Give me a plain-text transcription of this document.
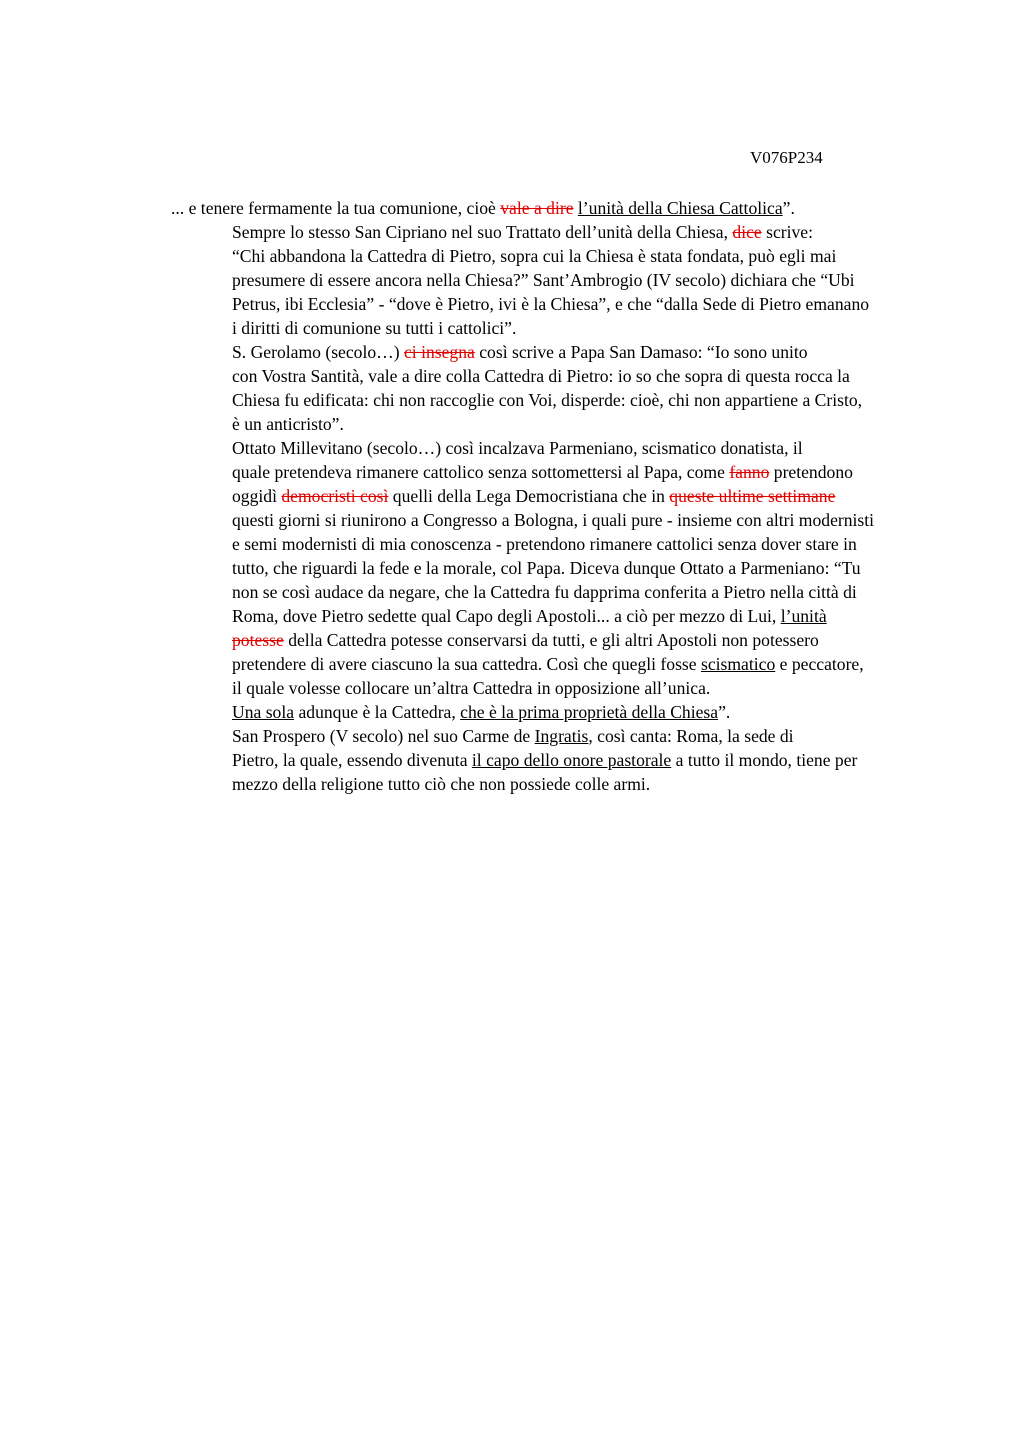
V076P234

... e tenere fermamente la tua comunione, cioè vale a dire l’unità della Chiesa Cattolica”.

Sempre lo stesso San Cipriano nel suo Trattato dell’unità della Chiesa, dice scrive:
“Chi abbandona la Cattedra di Pietro, sopra cui la Chiesa è stata fondata, può egli mai
presumere di essere ancora nella Chiesa?” Sant’Ambrogio (IV secolo) dichiara che “Ubi
Petrus, ibi Ecclesia” - “dove è Pietro, ivi è la Chiesa”, e che “dalla Sede di Pietro emanano
i diritti di comunione su tutti i cattolici”.

S. Gerolamo (secolo…) ci insegna così scrive a Papa San Damaso: “Io sono unito
con Vostra Santità, vale a dire colla Cattedra di Pietro: io so che sopra di questa rocca la
Chiesa fu edificata: chi non raccoglie con Voi, disperde: cioè, chi non appartiene a Cristo,
è un anticristo”.

Ottato Millevitano (secolo…) così incalzava Parmeniano, scismatico donatista, il
quale pretendeva rimanere cattolico senza sottomettersi al Papa, come fanno pretendono
oggidì democristi così quelli della Lega Democristiana che in queste ultime settimane
questi giorni si riunirono a Congresso a Bologna, i quali pure - insieme con altri modernisti
e semi modernisti di mia conoscenza - pretendono rimanere cattolici senza dover stare in
tutto, che riguardi la fede e la morale, col Papa. Diceva dunque Ottato a Parmeniano: “Tu
non se così audace da negare, che la Cattedra fu dapprima conferita a Pietro nella città di
Roma, dove Pietro sedette qual Capo degli Apostoli... a ciò per mezzo di Lui, l’unità
potesse della Cattedra potesse conservarsi da tutti, e gli altri Apostoli non potessero
pretendere di avere ciascuno la sua cattedra. Così che quegli fosse scismatico e peccatore,
il quale volesse collocare un’altra Cattedra in opposizione all’unica.

Una sola adunque è la Cattedra, che è la prima proprietà della Chiesa”.

San Prospero (V secolo) nel suo Carme de Ingratis, così canta: Roma, la sede di
Pietro, la quale, essendo divenuta il capo dello onore pastorale a tutto il mondo, tiene per
mezzo della religione tutto ciò che non possiede colle armi.
